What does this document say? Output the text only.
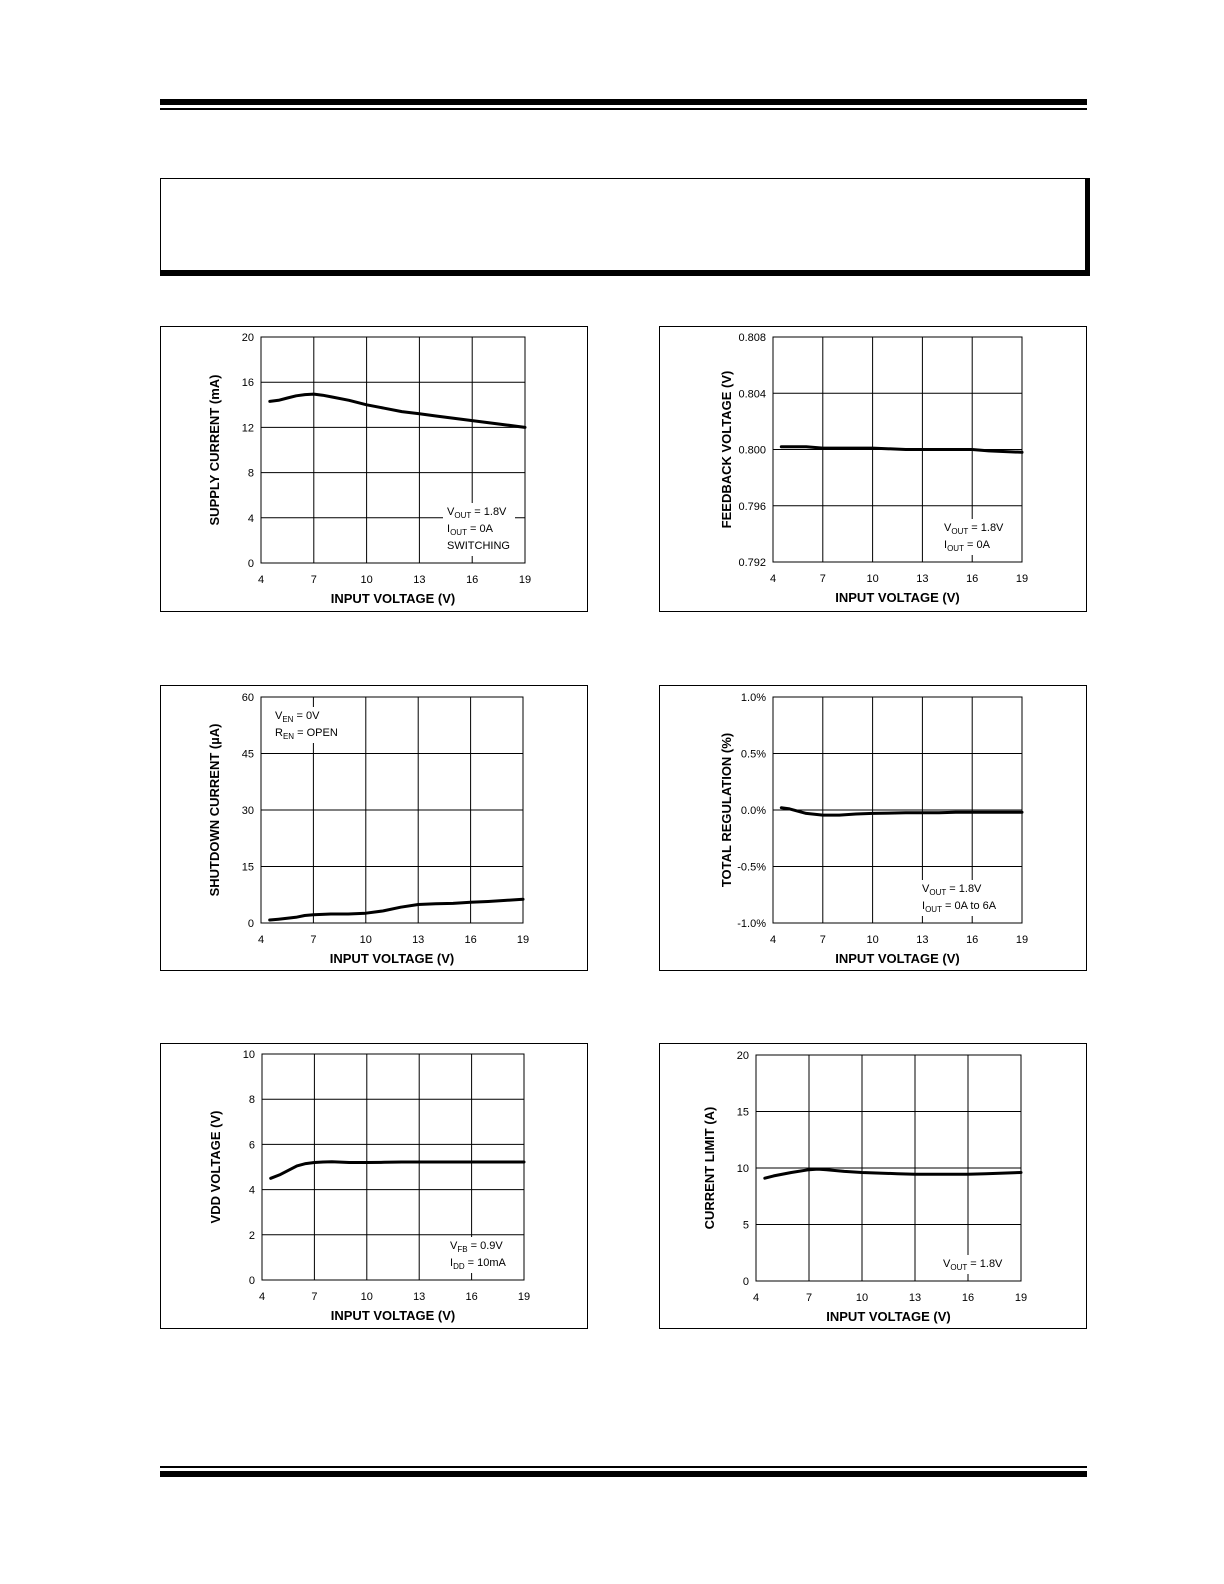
0
4
8
12
16
20
4	7	10	13	16	19
INPUT VOLTAGE (V)
SUPPLY CURRENT (mA)	$V_{OUT} = 1.8V$
$I_{OUT} = 0A$
SWITCHING
0.792
0.796
0.800
0.804
0.808
4	7	10	13	16	19
INPUT VOLTAGE (V)
FEEDBACK VOLTAGE (V)	$V_{OUT} = 1.8V$
$I_{OUT} = 0A$
0
15
30
45
60
4	7	10	13	16	19
INPUT VOLTAGE (V)
SHUTDOWN CURRENT (µA)
$V_{EN} = 0V$
$R_{EN}$ = OPEN
-1.0%
-0.5%
0.0%
0.5%
1.0%
4	7	10	13	16	19
INPUT VOLTAGE (V)
TOTAL REGULATION (%)
$V_{OUT} = 1.8V$
$I_{OUT} = 0A$ to 6A
0
2
4
6
8
10
4	7	10	13	16	19
INPUT VOLTAGE (V)
VDD VOLTAGE (V)
$V_{FB} = 0.9V$
$I_{DD} = 10mA$
0
5
10
15
20
4	7	10	13	16	19
INPUT VOLTAGE (V)
CURRENT LIMIT (A)
$V_{OUT} = 1.8V$
